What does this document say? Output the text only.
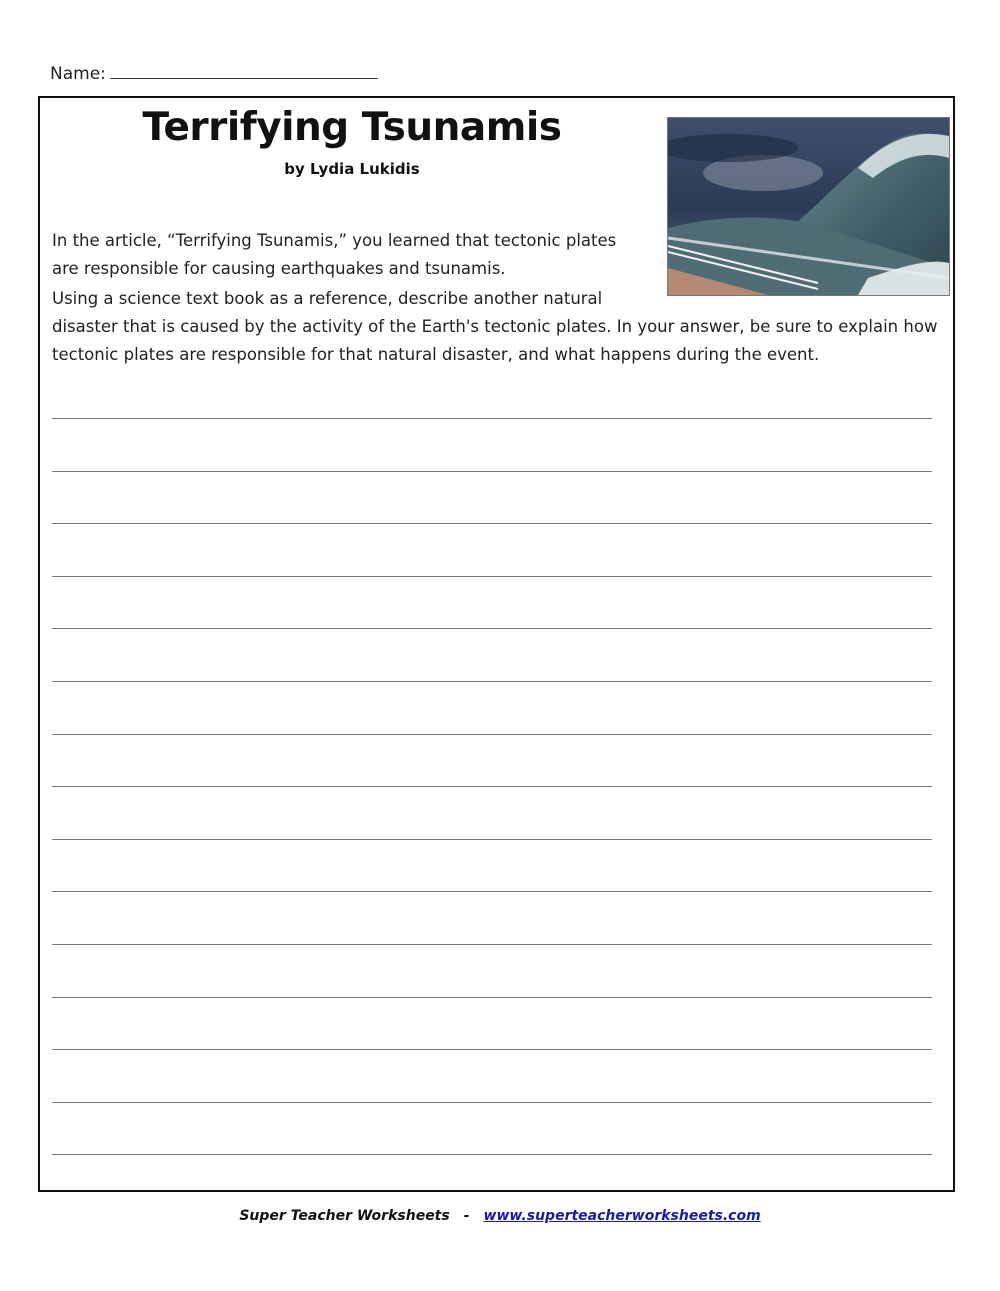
Name:
Terrifying Tsunamis
by Lydia Lukidis

In the article, “Terrifying Tsunamis,” you learned that tectonic plates are responsible for causing earthquakes and tsunamis.

Using a science text book as a reference, describe another natural disaster that is caused by the activity of the Earth's tectonic plates. In your answer, be sure to explain how tectonic plates are responsible for that natural disaster, and what happens during the event.
Super Teacher Worksheets - www.superteacherworksheets.com
